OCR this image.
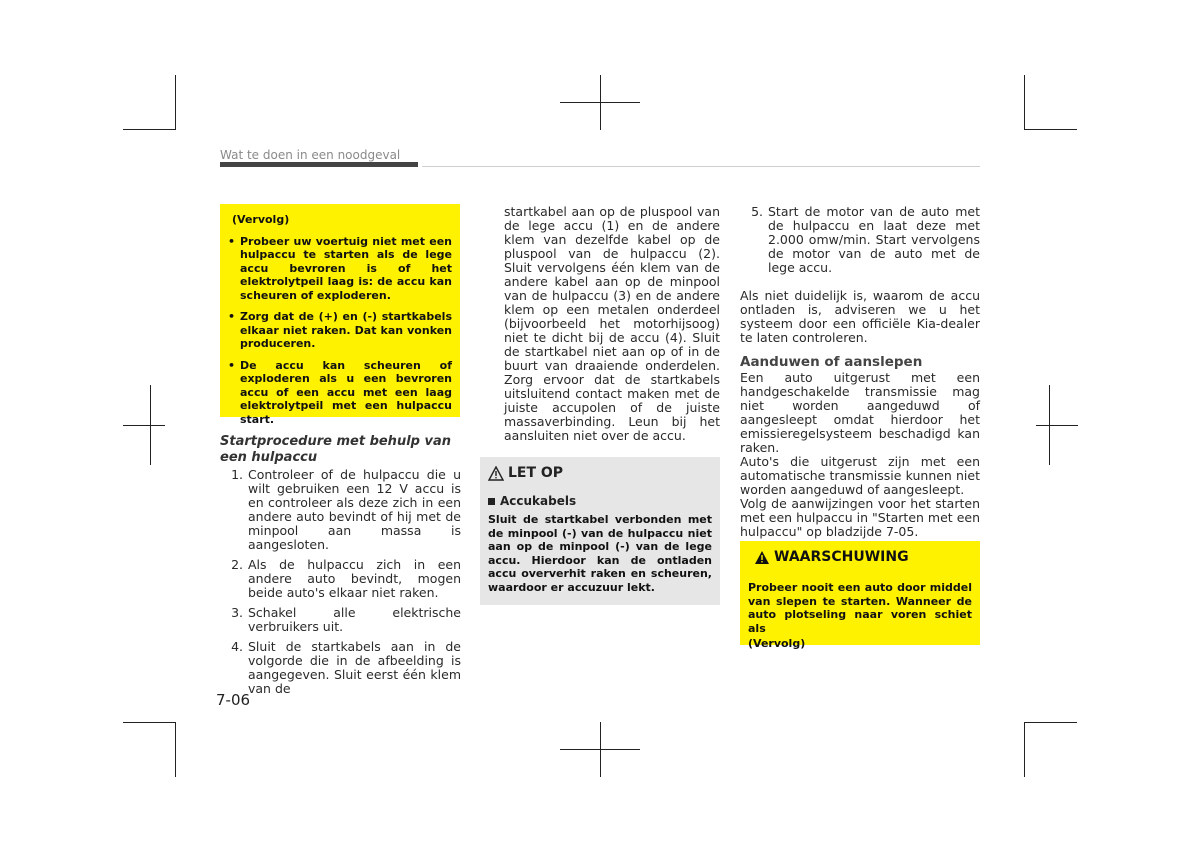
Wat te doen in een noodgeval

(Vervolg)

• Probeer uw voertuig niet met een hulpaccu te starten als de lege accu bevroren is of het elektrolytpeil laag is: de accu kan scheuren of exploderen.
• Zorg dat de (+) en (-) startkabels elkaar niet raken. Dat kan vonken produceren.
• De accu kan scheuren of exploderen als u een bevroren accu of een accu met een laag elektrolytpeil met een hulpaccu start.

Startprocedure met behulp van een hulpaccu

1. Controleer of de hulpaccu die u wilt gebruiken een 12 V accu is en controleer als deze zich in een andere auto bevindt of hij met de minpool aan massa is aangesloten.
2. Als de hulpaccu zich in een andere auto bevindt, mogen beide auto's elkaar niet raken.
3. Schakel alle elektrische verbruikers uit.
4. Sluit de startkabels aan in de volgorde die in de afbeelding is aangegeven. Sluit eerst één klem van de
7-06
startkabel aan op de pluspool van de lege accu (1) en de andere klem van dezelfde kabel op de pluspool van de hulpaccu (2). Sluit vervolgens één klem van de andere kabel aan op de minpool van de hulpaccu (3) en de andere klem op een metalen onderdeel (bijvoorbeeld het motorhijsoog) niet te dicht bij de accu (4). Sluit de startkabel niet aan op of in de buurt van draaiende onderdelen. Zorg ervoor dat de startkabels uitsluitend contact maken met de juiste accupolen of de juiste massaverbinding. Leun bij het aansluiten niet over de accu.
LET OP
Accukabels

Sluit de startkabel verbonden met de minpool (-) van de hulpaccu niet aan op de minpool (-) van de lege accu. Hierdoor kan de ontladen accu oververhit raken en scheuren, waardoor er accuzuur lekt.

5. Start de motor van de auto met de hulpaccu en laat deze met 2.000 omw/min. Start vervolgens de motor van de auto met de lege accu.

Als niet duidelijk is, waarom de accu ontladen is, adviseren we u het systeem door een officiële Kia-dealer te laten controleren.

Aanduwen of aanslepen

Een auto uitgerust met een handgeschakelde transmissie mag niet worden aangeduwd of aangesleept omdat hierdoor het emissieregelsysteem beschadigd kan raken.

Auto's die uitgerust zijn met een automatische transmissie kunnen niet worden aangeduwd of aangesleept.

Volg de aanwijzingen voor het starten met een hulpaccu in "Starten met een hulpaccu" op bladzijde 7-05.

WAARSCHUWING

Probeer nooit een auto door middel van slepen te starten. Wanneer de auto plotseling naar voren schiet als

(Vervolg)
